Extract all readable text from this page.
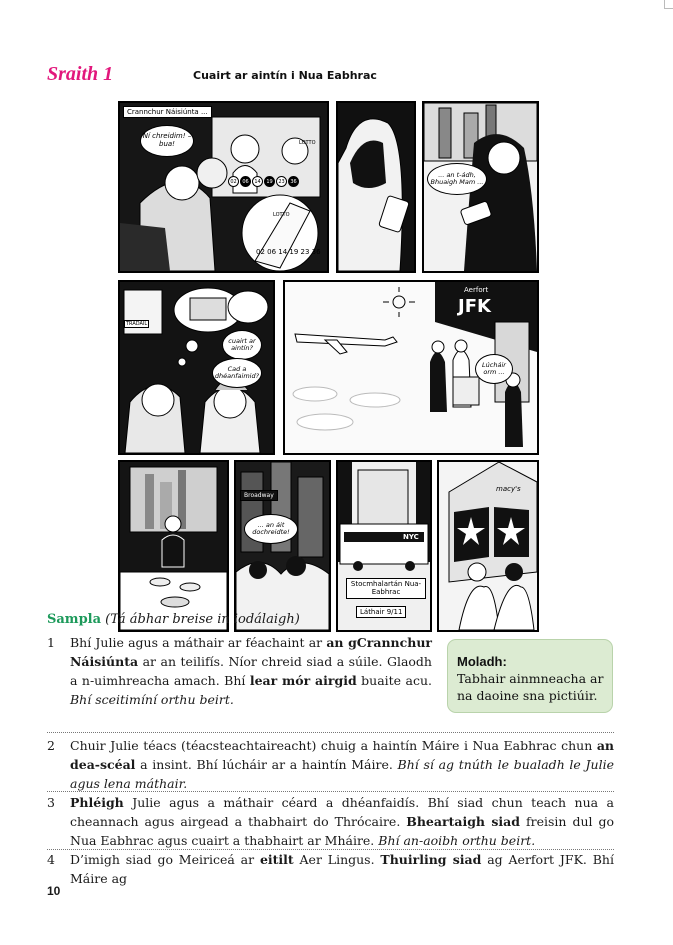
Sraith 1	Cuairt ar aintín i Nua Eabhrac
Crannchur Náisiúnta ...
Ní chreidim! – bua!	LOTTO
02	06	14	19	23	36
LOTTO
02 06 14 19 23 36
... an t-ádh, Bhuaigh Mam ...
TRÁDÁIL
cuairt ar aintín?
Cad a dhéanfaimid?
Aerfort
JFK
Lúcháir orm ...
Broadway
... an áit dochreidte!
NYC
Stocmhalartán Nua-Eabhrac
Láthair 9/11
macy's
Sampla (Tá ábhar breise in iodálaigh)
Moladh:
Tabhair ainmneacha ar na daoine sna pictiúir.
1 Bhí Julie agus a máthair ar féachaint ar an gCrannchur Náisiúnta ar an teilifís. Níor chreid siad a súile. Glaodh a n-uimhreacha amach. Bhí lear mór airgid buaite acu. Bhí sceitimíní orthu beirt.
2 Chuir Julie téacs (téacsteachtaireacht) chuig a haintín Máire i Nua Eabhrac chun an dea-scéal a insint. Bhí lúcháir ar a haintín Máire. Bhí sí ag tnúth le bualadh le Julie agus lena máthair.
3 Phléigh Julie agus a máthair céard a dhéanfaidís. Bhí siad chun teach nua a cheannach agus airgead a thabhairt do Thrócaire. Bheartaigh siad freisin dul go Nua Eabhrac agus cuairt a thabhairt ar Mháire. Bhí an-aoibh orthu beirt.
4 D’imigh siad go Meiriceá ar eitilt Aer Lingus. Thuirling siad ag Aerfort JFK. Bhí Máire ag
10
